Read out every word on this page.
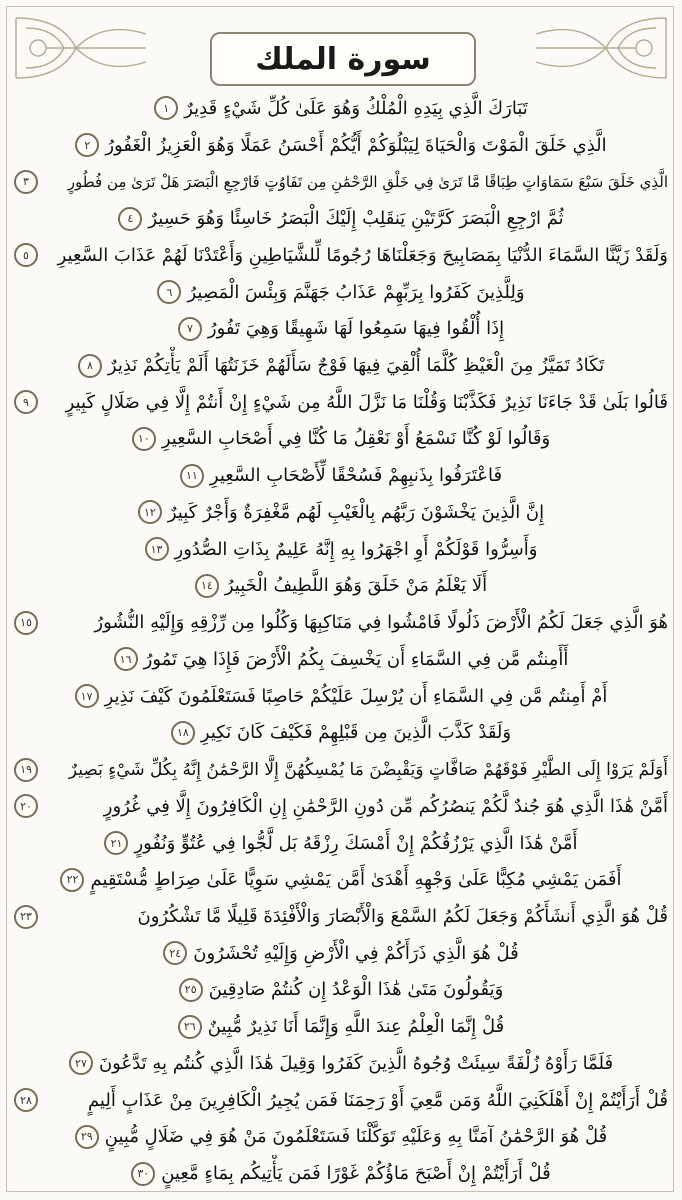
سورة الملك
تَبَارَكَ الَّذِي بِيَدِهِ الْمُلْكُ وَهُوَ عَلَىٰ كُلِّ شَيْءٍ قَدِيرٌ
١
الَّذِي خَلَقَ الْمَوْتَ وَالْحَيَاةَ لِيَبْلُوَكُمْ أَيُّكُمْ أَحْسَنُ عَمَلًا وَهُوَ الْعَزِيزُ الْغَفُورُ
٢
الَّذِي خَلَقَ سَبْعَ سَمَاوَاتٍ طِبَاقًا مَّا تَرَىٰ فِي خَلْقِ الرَّحْمَٰنِ مِن تَفَاوُتٍ فَارْجِعِ الْبَصَرَ هَلْ تَرَىٰ مِن فُطُورٍ
٣
ثُمَّ ارْجِعِ الْبَصَرَ كَرَّتَيْنِ يَنقَلِبْ إِلَيْكَ الْبَصَرُ خَاسِئًا وَهُوَ حَسِيرٌ
٤
وَلَقَدْ زَيَّنَّا السَّمَاءَ الدُّنْيَا بِمَصَابِيحَ وَجَعَلْنَاهَا رُجُومًا لِّلشَّيَاطِينِ وَأَعْتَدْنَا لَهُمْ عَذَابَ السَّعِيرِ
٥
وَلِلَّذِينَ كَفَرُوا بِرَبِّهِمْ عَذَابُ جَهَنَّمَ وَبِئْسَ الْمَصِيرُ
٦
إِذَا أُلْقُوا فِيهَا سَمِعُوا لَهَا شَهِيقًا وَهِيَ تَفُورُ
٧
تَكَادُ تَمَيَّزُ مِنَ الْغَيْظِ كُلَّمَا أُلْقِيَ فِيهَا فَوْجٌ سَأَلَهُمْ خَزَنَتُهَا أَلَمْ يَأْتِكُمْ نَذِيرٌ
٨
قَالُوا بَلَىٰ قَدْ جَاءَنَا نَذِيرٌ فَكَذَّبْنَا وَقُلْنَا مَا نَزَّلَ اللَّهُ مِن شَيْءٍ إِنْ أَنتُمْ إِلَّا فِي ضَلَالٍ كَبِيرٍ
٩
وَقَالُوا لَوْ كُنَّا نَسْمَعُ أَوْ نَعْقِلُ مَا كُنَّا فِي أَصْحَابِ السَّعِيرِ
١٠
فَاعْتَرَفُوا بِذَنبِهِمْ فَسُحْقًا لِّأَصْحَابِ السَّعِيرِ
١١
إِنَّ الَّذِينَ يَخْشَوْنَ رَبَّهُم بِالْغَيْبِ لَهُم مَّغْفِرَةٌ وَأَجْرٌ كَبِيرٌ
١٢
وَأَسِرُّوا قَوْلَكُمْ أَوِ اجْهَرُوا بِهِ إِنَّهُ عَلِيمٌ بِذَاتِ الصُّدُورِ
١٣
أَلَا يَعْلَمُ مَنْ خَلَقَ وَهُوَ اللَّطِيفُ الْخَبِيرُ
١٤
هُوَ الَّذِي جَعَلَ لَكُمُ الْأَرْضَ ذَلُولًا فَامْشُوا فِي مَنَاكِبِهَا وَكُلُوا مِن رِّزْقِهِ وَإِلَيْهِ النُّشُورُ
١٥
أَأَمِنتُم مَّن فِي السَّمَاءِ أَن يَخْسِفَ بِكُمُ الْأَرْضَ فَإِذَا هِيَ تَمُورُ
١٦
أَمْ أَمِنتُم مَّن فِي السَّمَاءِ أَن يُرْسِلَ عَلَيْكُمْ حَاصِبًا فَسَتَعْلَمُونَ كَيْفَ نَذِيرِ
١٧
وَلَقَدْ كَذَّبَ الَّذِينَ مِن قَبْلِهِمْ فَكَيْفَ كَانَ نَكِيرِ
١٨
أَوَلَمْ يَرَوْا إِلَى الطَّيْرِ فَوْقَهُمْ صَافَّاتٍ وَيَقْبِضْنَ مَا يُمْسِكُهُنَّ إِلَّا الرَّحْمَٰنُ إِنَّهُ بِكُلِّ شَيْءٍ بَصِيرٌ
١٩
أَمَّنْ هَٰذَا الَّذِي هُوَ جُندٌ لَّكُمْ يَنصُرُكُم مِّن دُونِ الرَّحْمَٰنِ إِنِ الْكَافِرُونَ إِلَّا فِي غُرُورٍ
٢٠
أَمَّنْ هَٰذَا الَّذِي يَرْزُقُكُمْ إِنْ أَمْسَكَ رِزْقَهُ بَل لَّجُّوا فِي عُتُوٍّ وَنُفُورٍ
٢١
أَفَمَن يَمْشِي مُكِبًّا عَلَىٰ وَجْهِهِ أَهْدَىٰ أَمَّن يَمْشِي سَوِيًّا عَلَىٰ صِرَاطٍ مُّسْتَقِيمٍ
٢٢
قُلْ هُوَ الَّذِي أَنشَأَكُمْ وَجَعَلَ لَكُمُ السَّمْعَ وَالْأَبْصَارَ وَالْأَفْئِدَةَ قَلِيلًا مَّا تَشْكُرُونَ
٢٣
قُلْ هُوَ الَّذِي ذَرَأَكُمْ فِي الْأَرْضِ وَإِلَيْهِ تُحْشَرُونَ
٢٤
وَيَقُولُونَ مَتَىٰ هَٰذَا الْوَعْدُ إِن كُنتُمْ صَادِقِينَ
٢٥
قُلْ إِنَّمَا الْعِلْمُ عِندَ اللَّهِ وَإِنَّمَا أَنَا نَذِيرٌ مُّبِينٌ
٢٦
فَلَمَّا رَأَوْهُ زُلْفَةً سِيئَتْ وُجُوهُ الَّذِينَ كَفَرُوا وَقِيلَ هَٰذَا الَّذِي كُنتُم بِهِ تَدَّعُونَ
٢٧
قُلْ أَرَأَيْتُمْ إِنْ أَهْلَكَنِيَ اللَّهُ وَمَن مَّعِيَ أَوْ رَحِمَنَا فَمَن يُجِيرُ الْكَافِرِينَ مِنْ عَذَابٍ أَلِيمٍ
٢٨
قُلْ هُوَ الرَّحْمَٰنُ آمَنَّا بِهِ وَعَلَيْهِ تَوَكَّلْنَا فَسَتَعْلَمُونَ مَنْ هُوَ فِي ضَلَالٍ مُّبِينٍ
٢٩
قُلْ أَرَأَيْتُمْ إِنْ أَصْبَحَ مَاؤُكُمْ غَوْرًا فَمَن يَأْتِيكُم بِمَاءٍ مَّعِينٍ
٣٠
